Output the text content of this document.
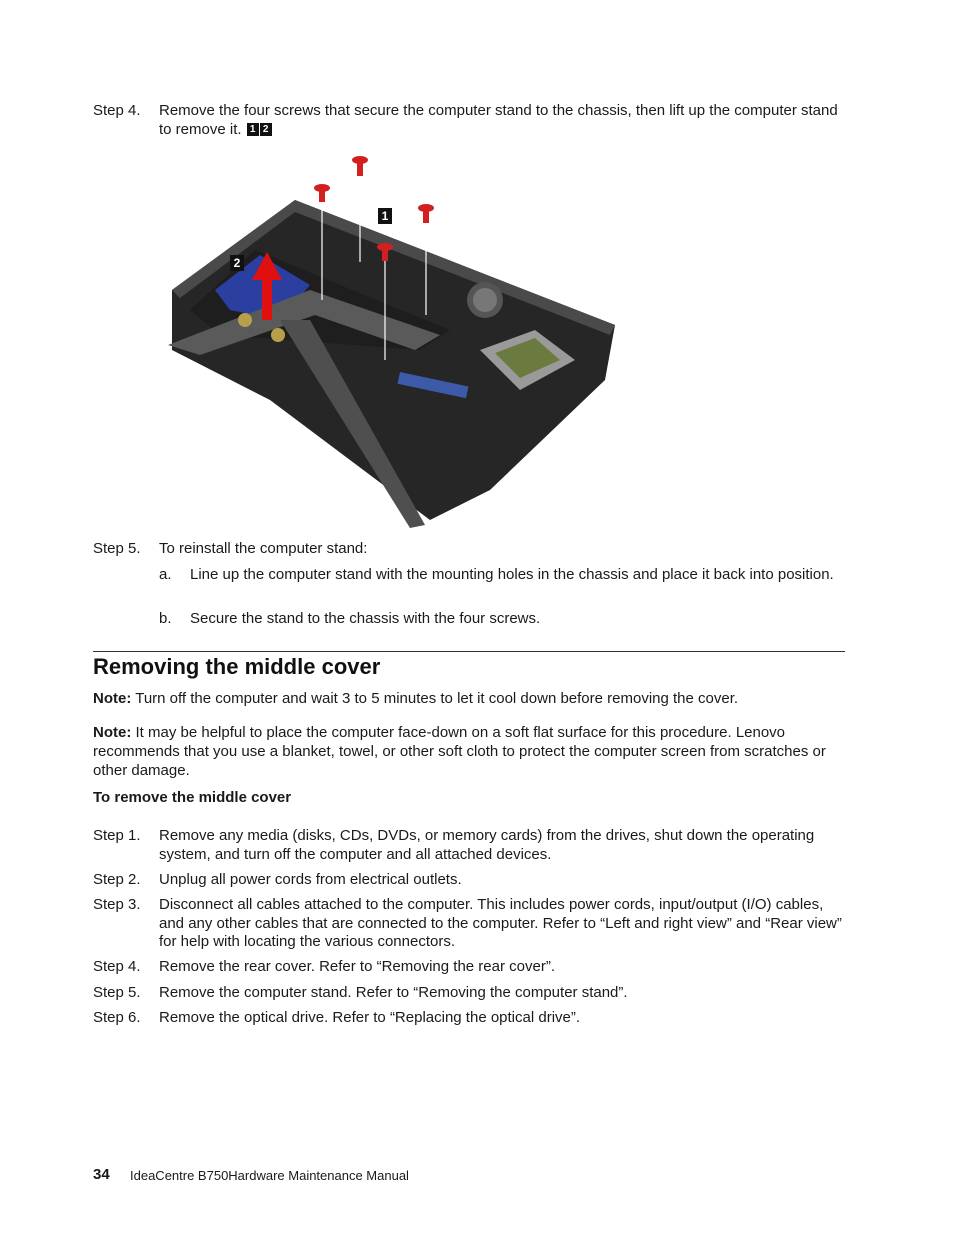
Step 4. Remove the four screws that secure the computer stand to the chassis, then lift up the computer stand to remove it. 1 2
1
2
Step 5. To reinstall the computer stand:
a. Line up the computer stand with the mounting holes in the chassis and place it back into position.
b. Secure the stand to the chassis with the four screws.
Removing the middle cover
Note: Turn off the computer and wait 3 to 5 minutes to let it cool down before removing the cover.
Note: It may be helpful to place the computer face-down on a soft flat surface for this procedure. Lenovo recommends that you use a blanket, towel, or other soft cloth to protect the computer screen from scratches or other damage.
To remove the middle cover
Step 1. Remove any media (disks, CDs, DVDs, or memory cards) from the drives, shut down the operating system, and turn off the computer and all attached devices.
Step 2. Unplug all power cords from electrical outlets.
Step 3. Disconnect all cables attached to the computer. This includes power cords, input/output (I/O) cables, and any other cables that are connected to the computer. Refer to “Left and right view” and “Rear view” for help with locating the various connectors.
Step 4. Remove the rear cover. Refer to “Removing the rear cover”.
Step 5. Remove the computer stand. Refer to “Removing the computer stand”.
Step 6. Remove the optical drive. Refer to “Replacing the optical drive”.
34 IdeaCentre B750Hardware Maintenance Manual
